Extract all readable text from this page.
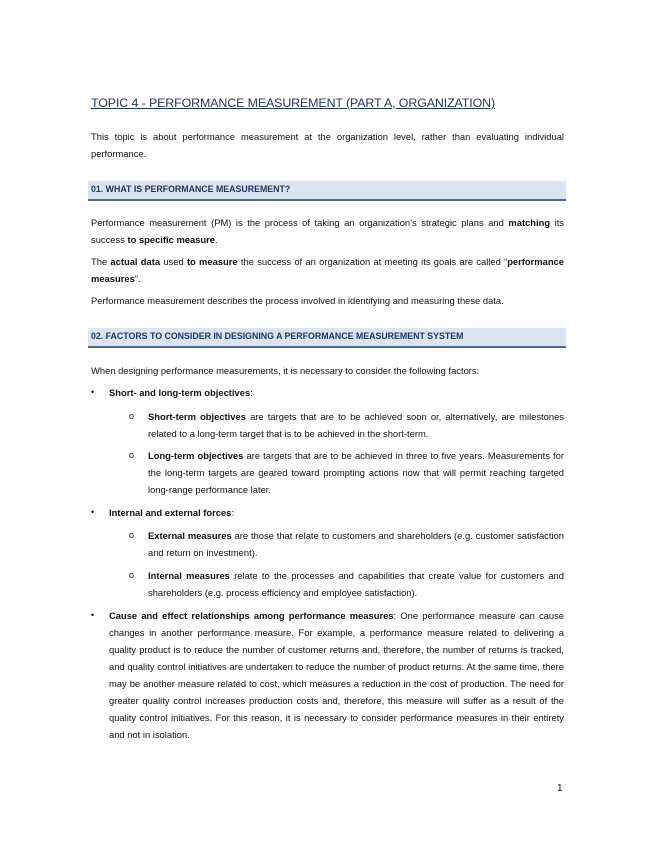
TOPIC 4 - PERFORMANCE MEASUREMENT (PART A, ORGANIZATION)
This topic is about performance measurement at the organization level, rather than evaluating individual performance.
01. WHAT IS PERFORMANCE MEASUREMENT?
Performance measurement (PM) is the process of taking an organization’s strategic plans and matching its success to specific measure.
The actual data used to measure the success of an organization at meeting its goals are called “performance measures”.
Performance measurement describes the process involved in identifying and measuring these data.
02. FACTORS TO CONSIDER IN DESIGNING A PERFORMANCE MEASUREMENT SYSTEM
When designing performance measurements, it is necessary to consider the following factors:
• Short- and long-term objectives:
o Short-term objectives are targets that are to be achieved soon or, alternatively, are milestones related to a long-term target that is to be achieved in the short-term.
o Long-term objectives are targets that are to be achieved in three to five years. Measurements for the long-term targets are geared toward prompting actions now that will permit reaching targeted long-range performance later.
• Internal and external forces:
o External measures are those that relate to customers and shareholders (e.g. customer satisfaction and return on investment).
o Internal measures relate to the processes and capabilities that create value for customers and shareholders (e.g. process efficiency and employee satisfaction).
• Cause and effect relationships among performance measures: One performance measure can cause changes in another performance measure. For example, a performance measure related to delivering a quality product is to reduce the number of customer returns and, therefore, the number of returns is tracked, and quality control initiatives are undertaken to reduce the number of product returns. At the same time, there may be another measure related to cost, which measures a reduction in the cost of production. The need for greater quality control increases production costs and, therefore, this measure will suffer as a result of the quality control initiatives. For this reason, it is necessary to consider performance measures in their entirety and not in isolation.
1
